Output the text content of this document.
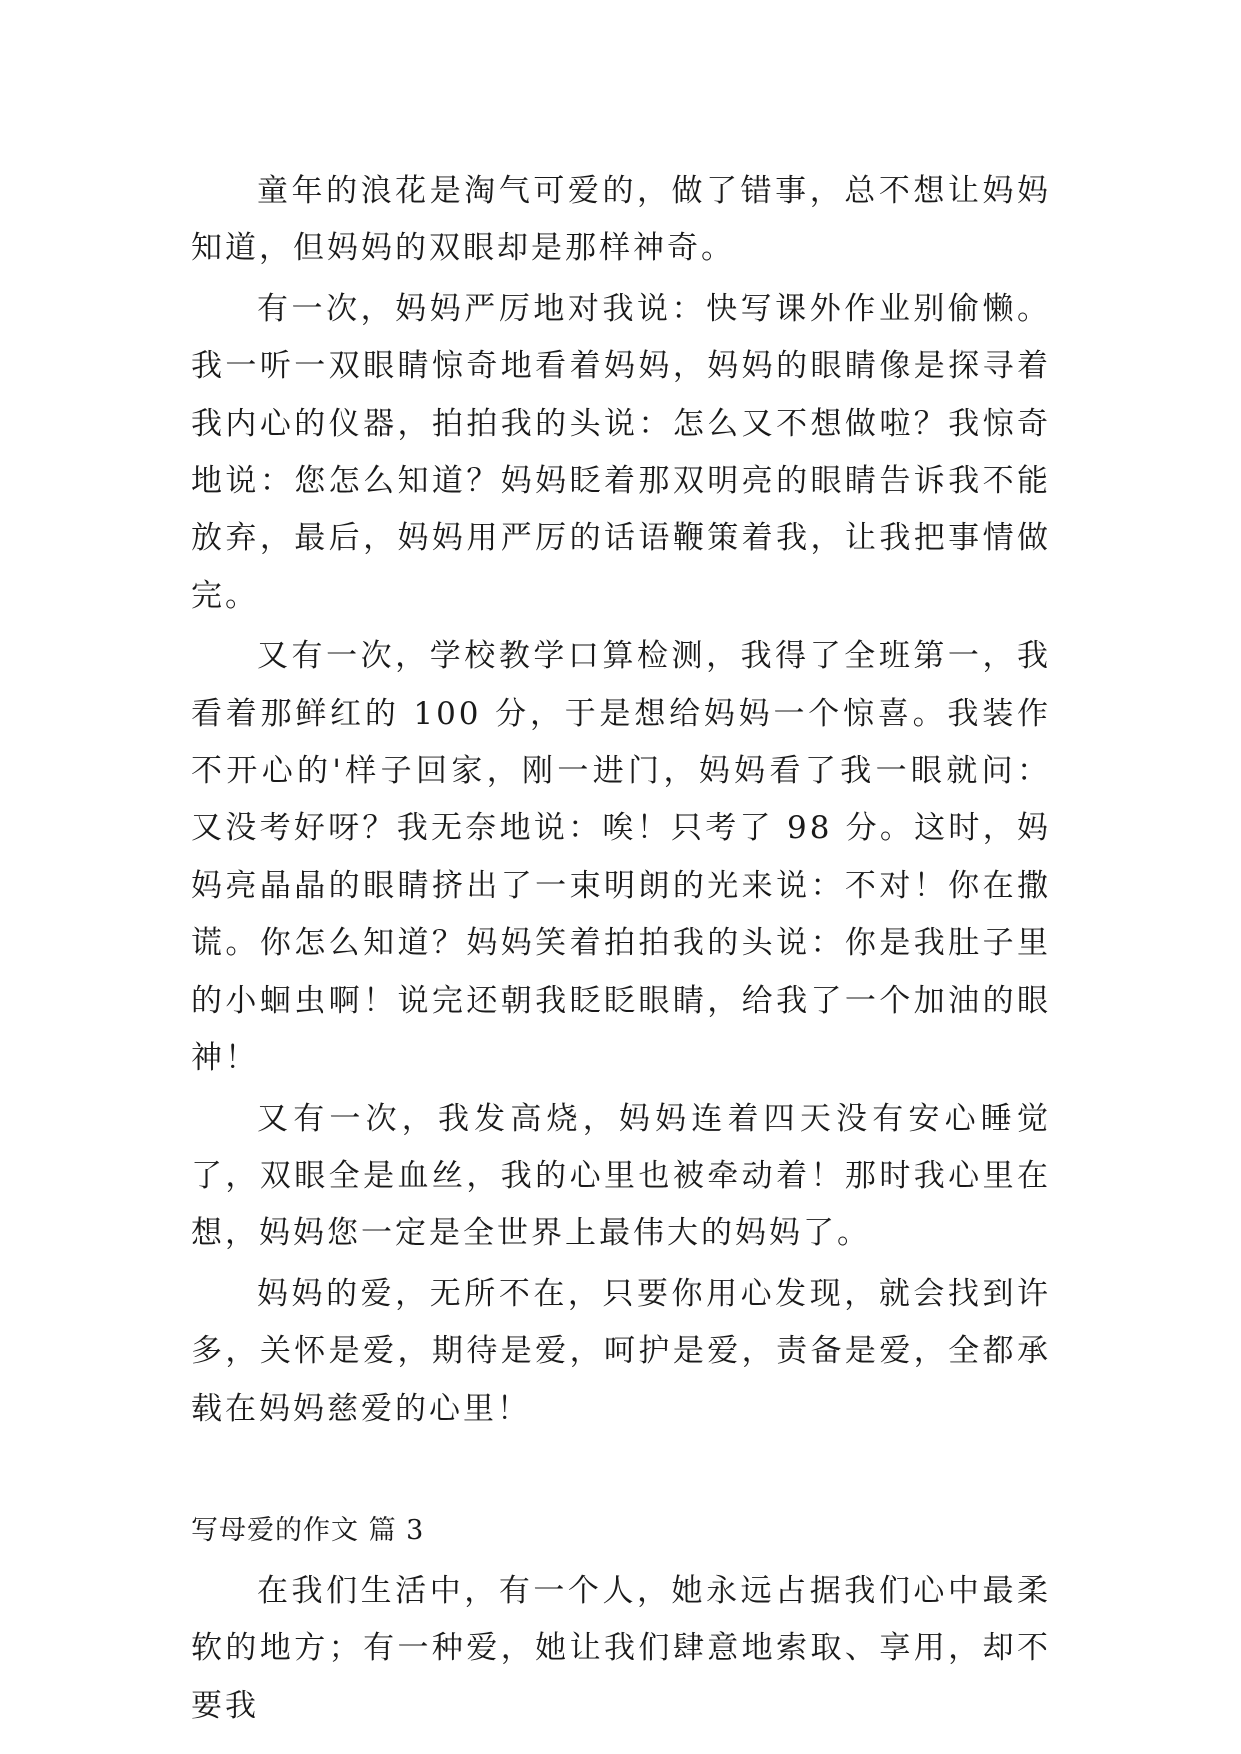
童年的浪花是淘气可爱的，做了错事，总不想让妈妈知道，但妈妈的双眼却是那样神奇。

有一次，妈妈严厉地对我说：快写课外作业别偷懒。我一听一双眼睛惊奇地看着妈妈，妈妈的眼睛像是探寻着我内心的仪器，拍拍我的头说：怎么又不想做啦？我惊奇地说：您怎么知道？妈妈眨着那双明亮的眼睛告诉我不能放弃，最后，妈妈用严厉的话语鞭策着我，让我把事情做完。

又有一次，学校教学口算检测，我得了全班第一，我看着那鲜红的 100 分，于是想给妈妈一个惊喜。我装作不开心的'样子回家，刚一进门，妈妈看了我一眼就问：又没考好呀？我无奈地说：唉！只考了 98 分。这时，妈妈亮晶晶的眼睛挤出了一束明朗的光来说：不对！你在撒谎。你怎么知道？妈妈笑着拍拍我的头说：你是我肚子里的小蛔虫啊！说完还朝我眨眨眼睛，给我了一个加油的眼神！

又有一次，我发高烧，妈妈连着四天没有安心睡觉了，双眼全是血丝，我的心里也被牵动着！那时我心里在想，妈妈您一定是全世界上最伟大的妈妈了。

妈妈的爱，无所不在，只要你用心发现，就会找到许多，关怀是爱，期待是爱，呵护是爱，责备是爱，全都承载在妈妈慈爱的心里！

写母爱的作文 篇 3

在我们生活中，有一个人，她永远占据我们心中最柔软的地方；有一种爱，她让我们肆意地索取、享用，却不要我
